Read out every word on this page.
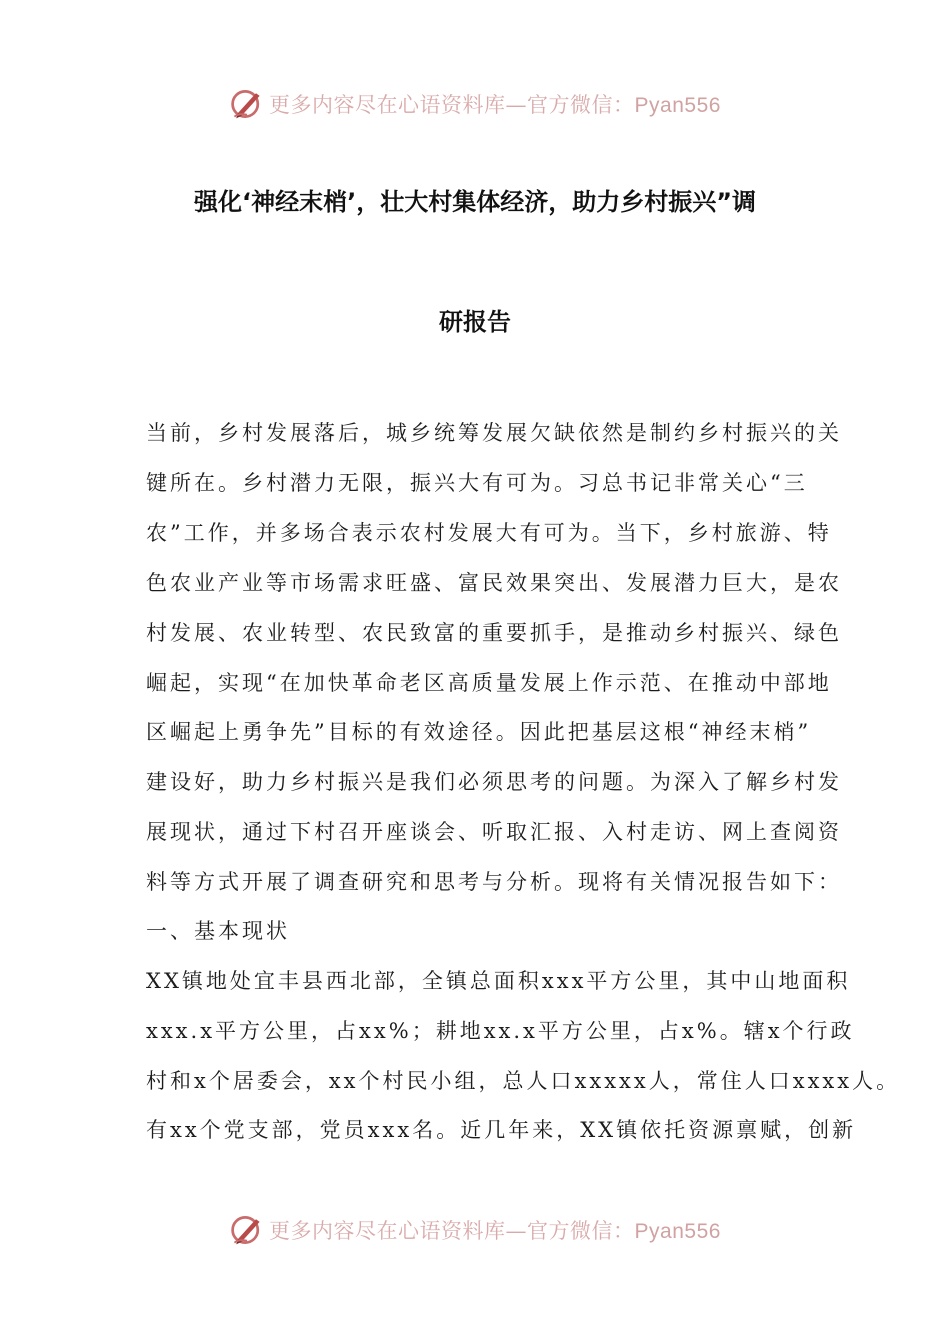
更多内容尽在心语资料库—官方微信：Pyan556
强化‘神经末梢’，壮大村集体经济，助力乡村振兴”调
研报告
当前，乡村发展落后，城乡统筹发展欠缺依然是制约乡村振兴的关
键所在。乡村潜力无限，振兴大有可为。习总书记非常关心“三
农”工作，并多场合表示农村发展大有可为。当下，乡村旅游、特
色农业产业等市场需求旺盛、富民效果突出、发展潜力巨大，是农
村发展、农业转型、农民致富的重要抓手，是推动乡村振兴、绿色
崛起，实现“在加快革命老区高质量发展上作示范、在推动中部地
区崛起上勇争先”目标的有效途径。因此把基层这根“神经末梢”
建设好，助力乡村振兴是我们必须思考的问题。为深入了解乡村发
展现状，通过下村召开座谈会、听取汇报、入村走访、网上查阅资
料等方式开展了调查研究和思考与分析。现将有关情况报告如下：
一、基本现状
XX镇地处宜丰县西北部，全镇总面积xxx平方公里，其中山地面积
xxx.x平方公里，占xx%；耕地xx.x平方公里，占x%。辖x个行政
村和x个居委会，xx个村民小组，总人口xxxxx人，常住人口xxxx人。
有xx个党支部，党员xxx名。近几年来，XX镇依托资源禀赋，创新
更多内容尽在心语资料库—官方微信：Pyan556
